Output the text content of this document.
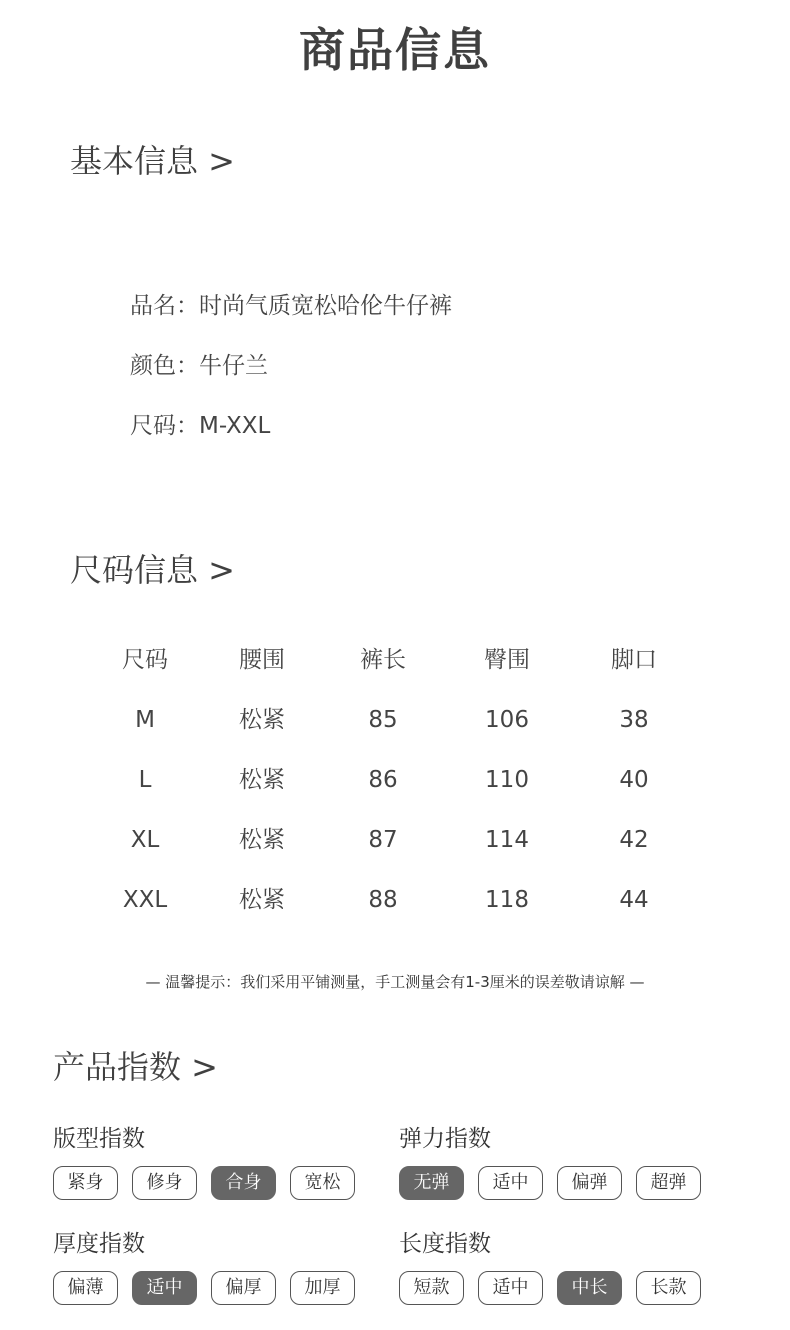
商品信息
基本信息 >
品名：时尚气质宽松哈伦牛仔裤
颜色：牛仔兰
尺码：M-XXL
尺码信息 >
尺码	腰围	裤长	臀围	脚口
M	松紧	85	106	38
L	松紧	86	110	40
XL	松紧	87	114	42
XXL	松紧	88	118	44
— 温馨提示：我们采用平铺测量，手工测量会有1-3厘米的误差敬请谅解 —
产品指数 >
版型指数
紧身	修身	合身	宽松
弹力指数
无弹	适中	偏弹	超弹
厚度指数
偏薄	适中	偏厚	加厚
长度指数
短款	适中	中长	长款
